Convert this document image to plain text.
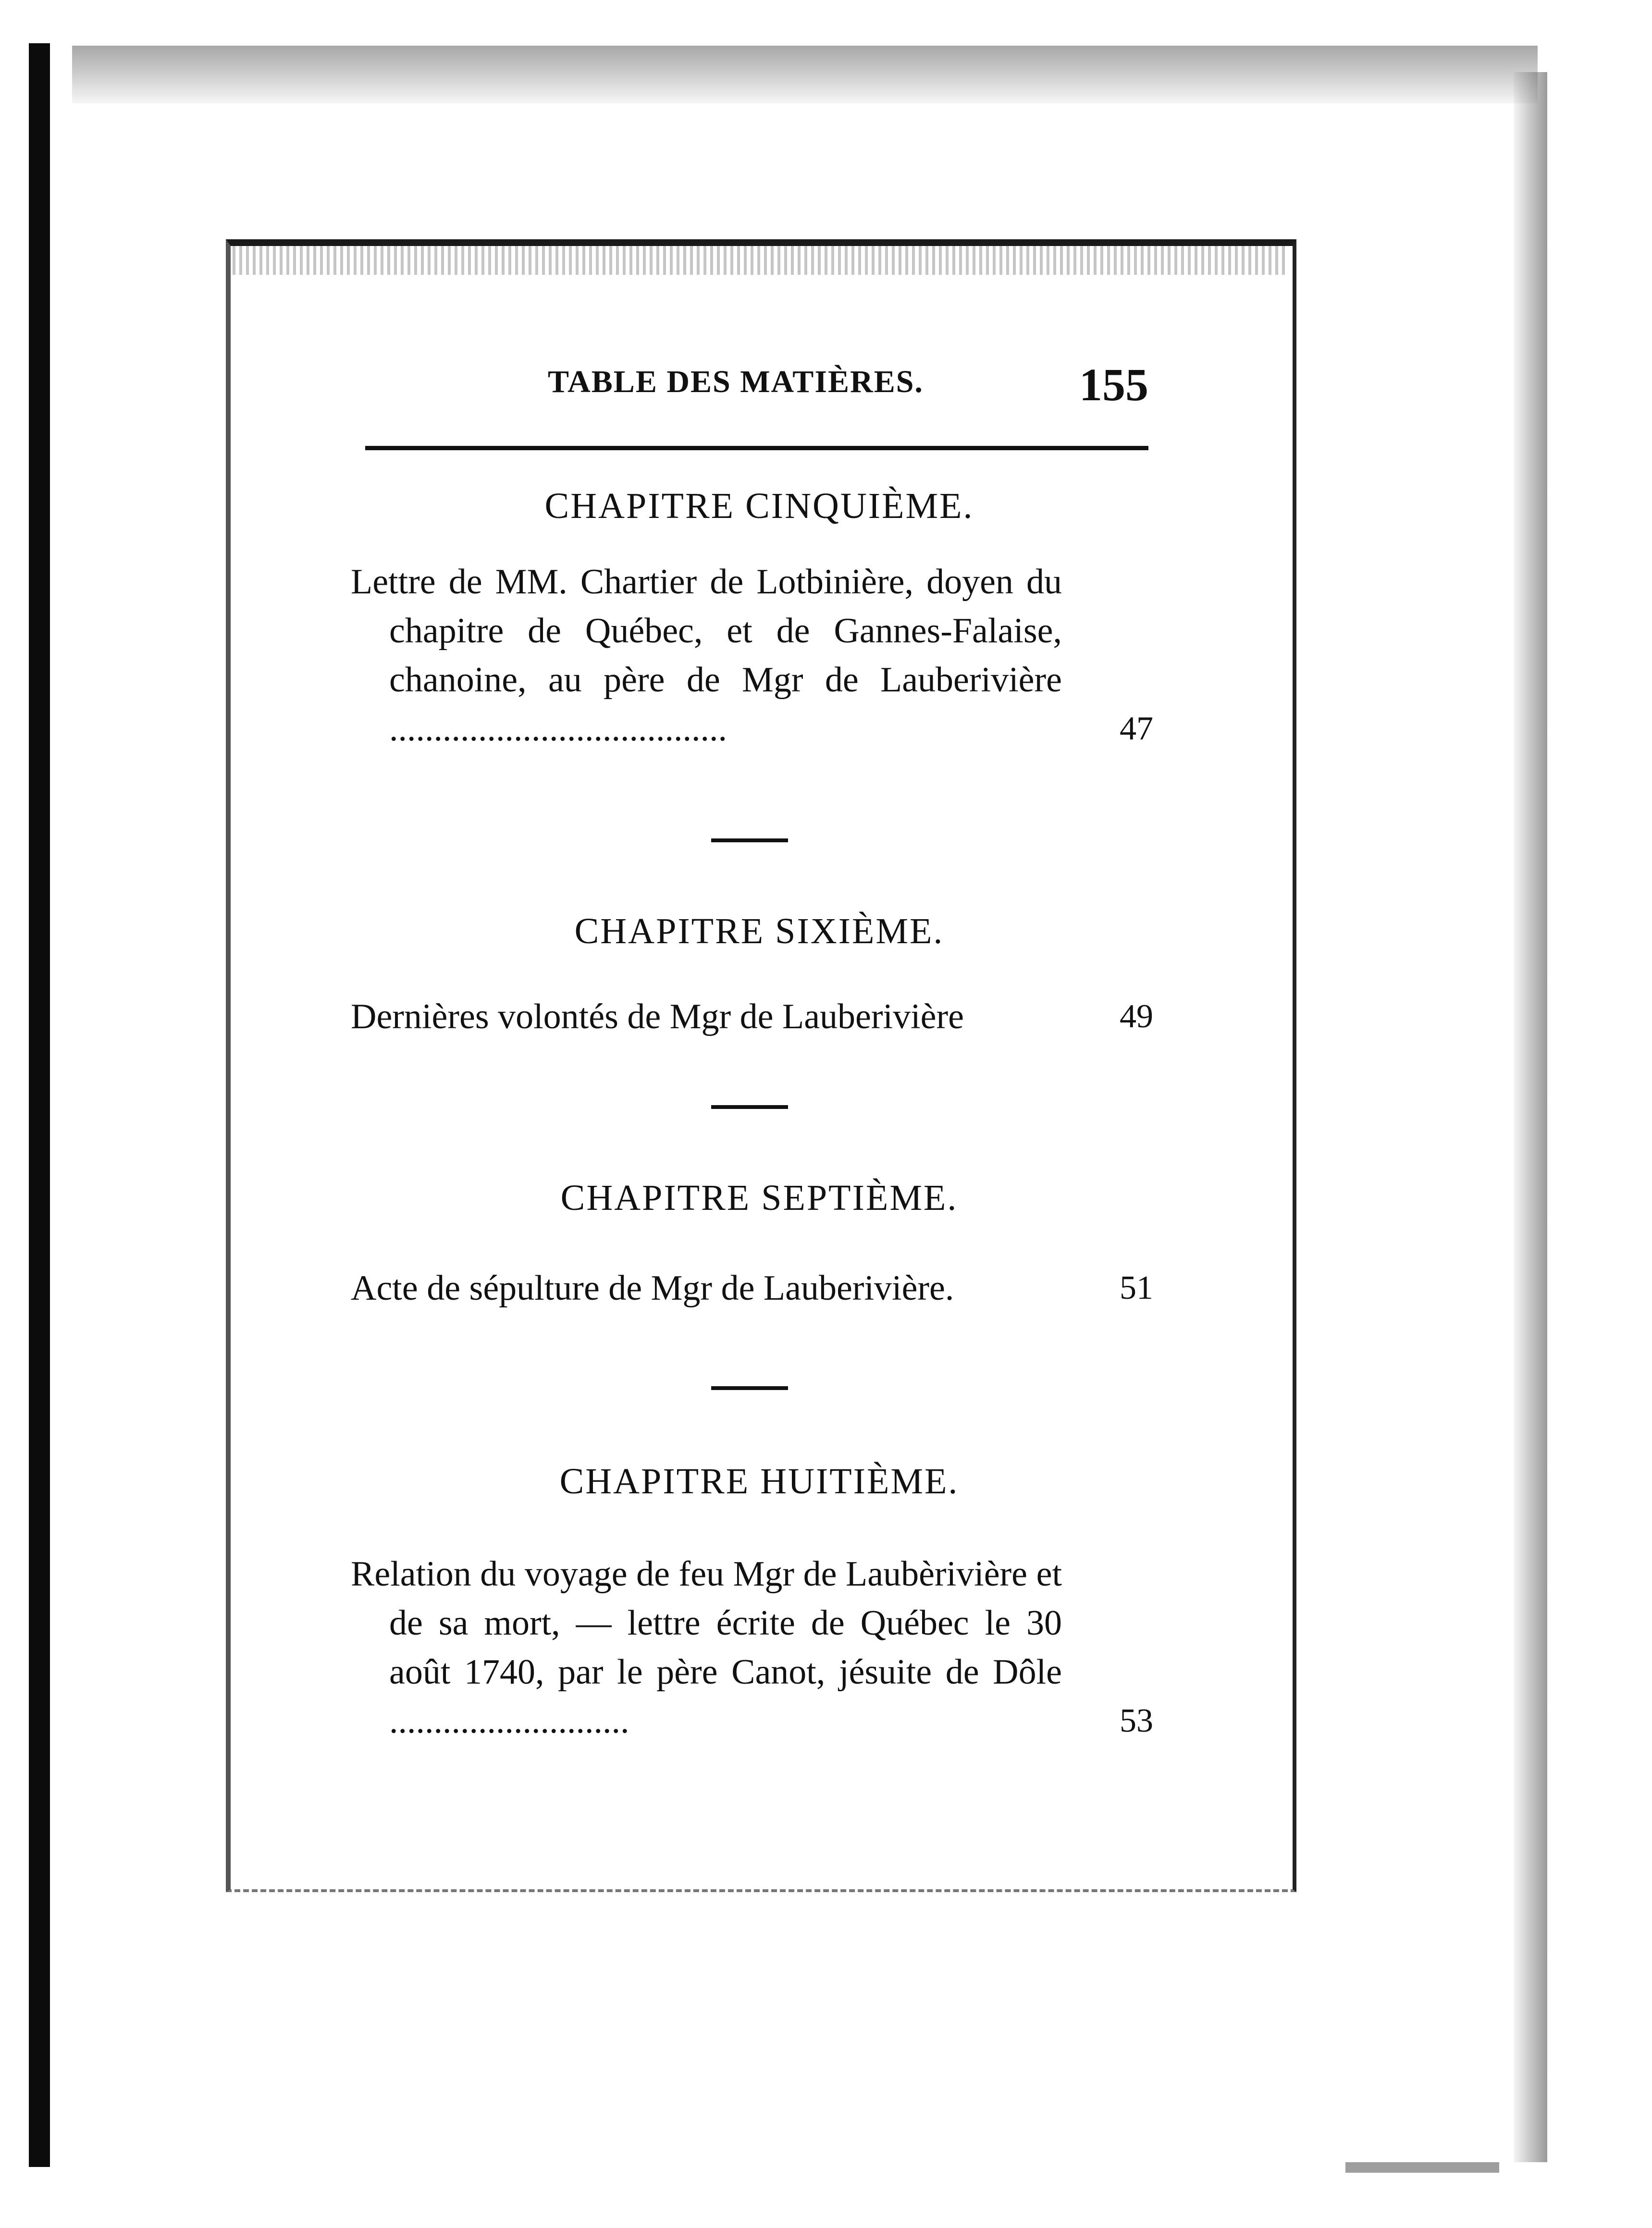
TABLE DES MATIÈRES.	155
CHAPITRE CINQUIÈME.
Lettre de MM. Chartier de Lotbinière, doyen du chapitre de Québec, et de Gannes-Falaise, chanoine, au père de Mgr de Lauberivière ......................................	47
CHAPITRE SIXIÈME.
Dernières volontés de Mgr de Lauberivière	49
CHAPITRE SEPTIÈME.
Acte de sépulture de Mgr de Lauberivière.	51
CHAPITRE HUITIÈME.
Relation du voyage de feu Mgr de Laubèrivière et de sa mort, — lettre écrite de Québec le 30 août 1740, par le père Canot, jésuite de Dôle ...........................	53
